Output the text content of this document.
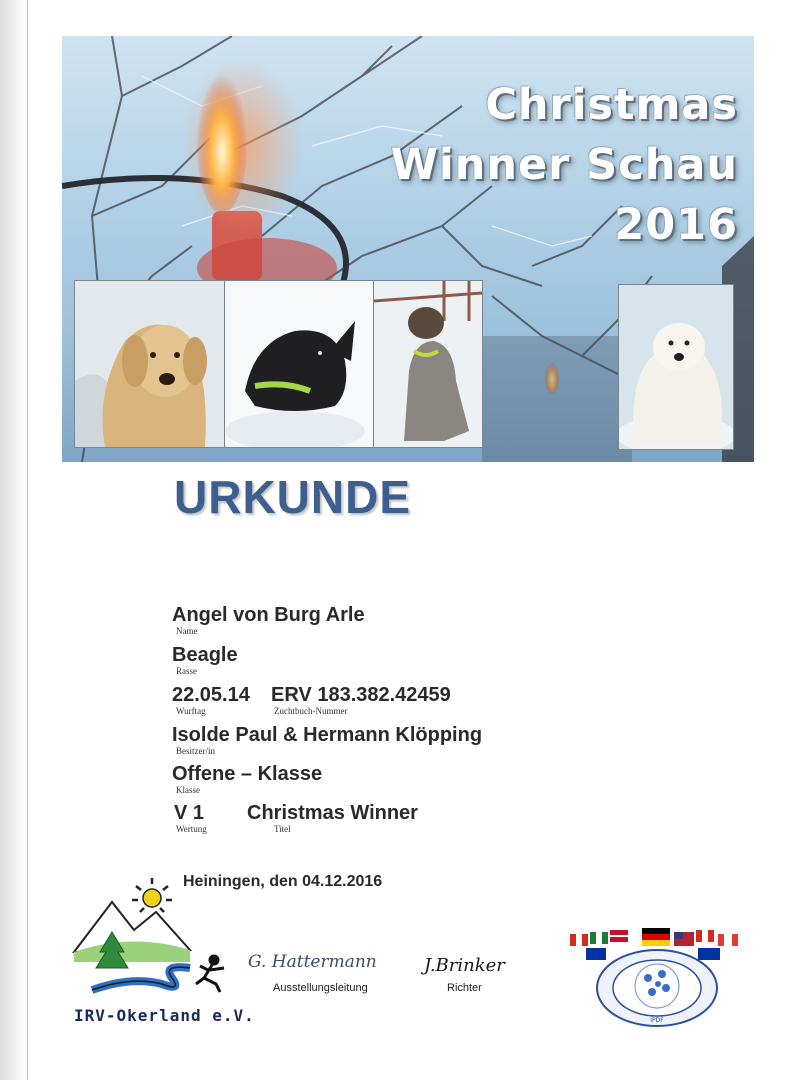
Christmas
Winner Schau
2016
URKUNDE
Angel von Burg Arle
Name
Beagle
Rasse
22.05.14
Wurftag
ERV 183.382.42459
Zuchtbuch-Nummer
Isolde Paul & Hermann Klöpping
Besitzer/in
Offene – Klasse
Klasse
V 1
Wertung
Christmas Winner
Titel
Heiningen, den 04.12.2016
IRV-Okerland e.V.
G. Hattermann
Ausstellungsleitung
J.Brinker
Richter
IPDF
